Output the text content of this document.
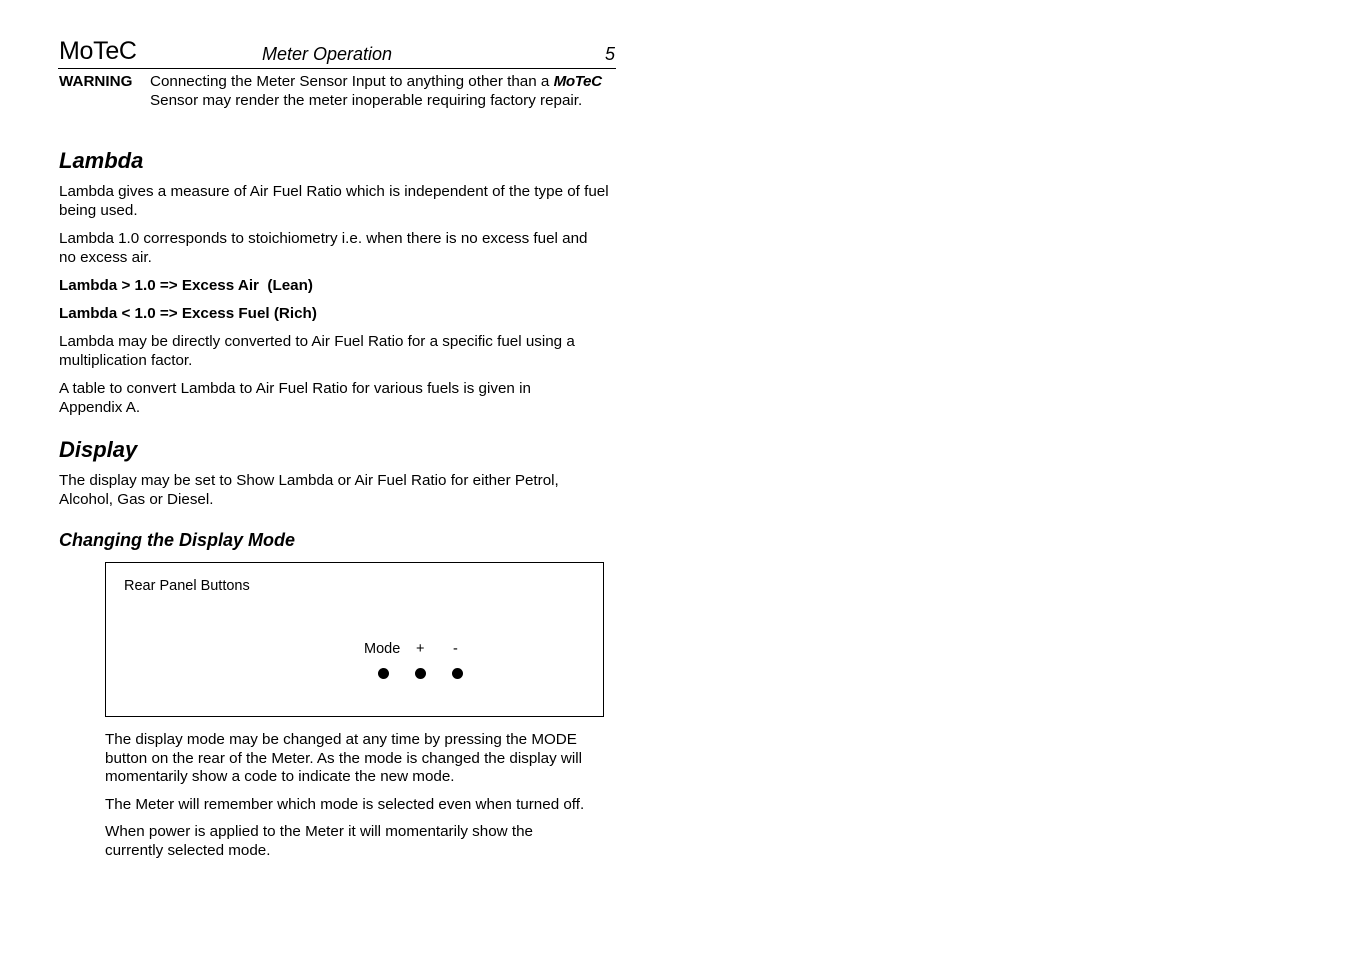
MoTeC	Meter Operation	5
WARNING Connecting the Meter Sensor Input to anything other than a MoTeC Sensor may render the meter inoperable requiring factory repair.

Lambda

Lambda gives a measure of Air Fuel Ratio which is independent of the type of fuel being used.

Lambda 1.0 corresponds to stoichiometry i.e. when there is no excess fuel and no excess air.

Lambda > 1.0 => Excess Air  (Lean)

Lambda < 1.0 => Excess Fuel (Rich)

Lambda may be directly converted to Air Fuel Ratio for a specific fuel using a multiplication factor.

A table to convert Lambda to Air Fuel Ratio for various fuels is given in Appendix A.

Display

The display may be set to Show Lambda or Air Fuel Ratio for either Petrol, Alcohol, Gas or Diesel.

Changing the Display Mode
Rear Panel Buttons
Mode + -

The display mode may be changed at any time by pressing the MODE button on the rear of the Meter. As the mode is changed the display will momentarily show a code to indicate the new mode.

The Meter will remember which mode is selected even when turned off.

When power is applied to the Meter it will momentarily show the currently selected mode.
